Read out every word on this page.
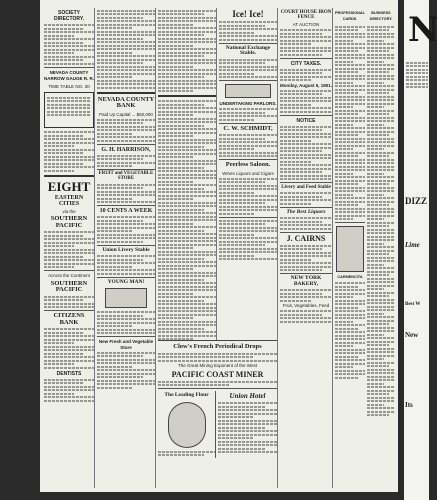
SOCIETY DIRECTORY.
NEVADA COUNTY NARROW GAUGE R. R.
TIME TABLE NO. 30
EIGHT
EASTERN CITIES
via the
SOUTHERN PACIFIC
Across the Continent
SOUTHERN PACIFIC
CITIZENS BANK
DENTISTS
NEVADA COUNTY BANK
Paid Up Capital ... $50,000
G. H. HARRISON,
FRUIT and VEGETABLE STORE
10 CENTS A WEEK
Union Livery Stable
YOUNG MAN!
New Fresh and Vegetable Store
Ice! Ice!
National Exchange Stable.
UNDERTAKING PARLORS.
C. W. SCHMIDT,
Peerless Saloon.
Wines Liquors and Cigars
Clow's French Periodical Drops
The Great Mining Exponent of the West
PACIFIC COAST MINER
The Leading Flour	Union Hotel
COURT HOUSE IRON FENCE
AT AUCTION
CITY TAXES.
Monday, August 5, 1901.
NOTICE
Livery and Feed Stable
The Best Liquors
J. CAIRNS
NEW YORK BAKERY,
Fruit, Vegetables, Feed
PROFESSIONAL CARDS.
BUSINESS DIRECTORY.
CARMENCITA
N
DIZZ
Lime
Best W
New
Its
